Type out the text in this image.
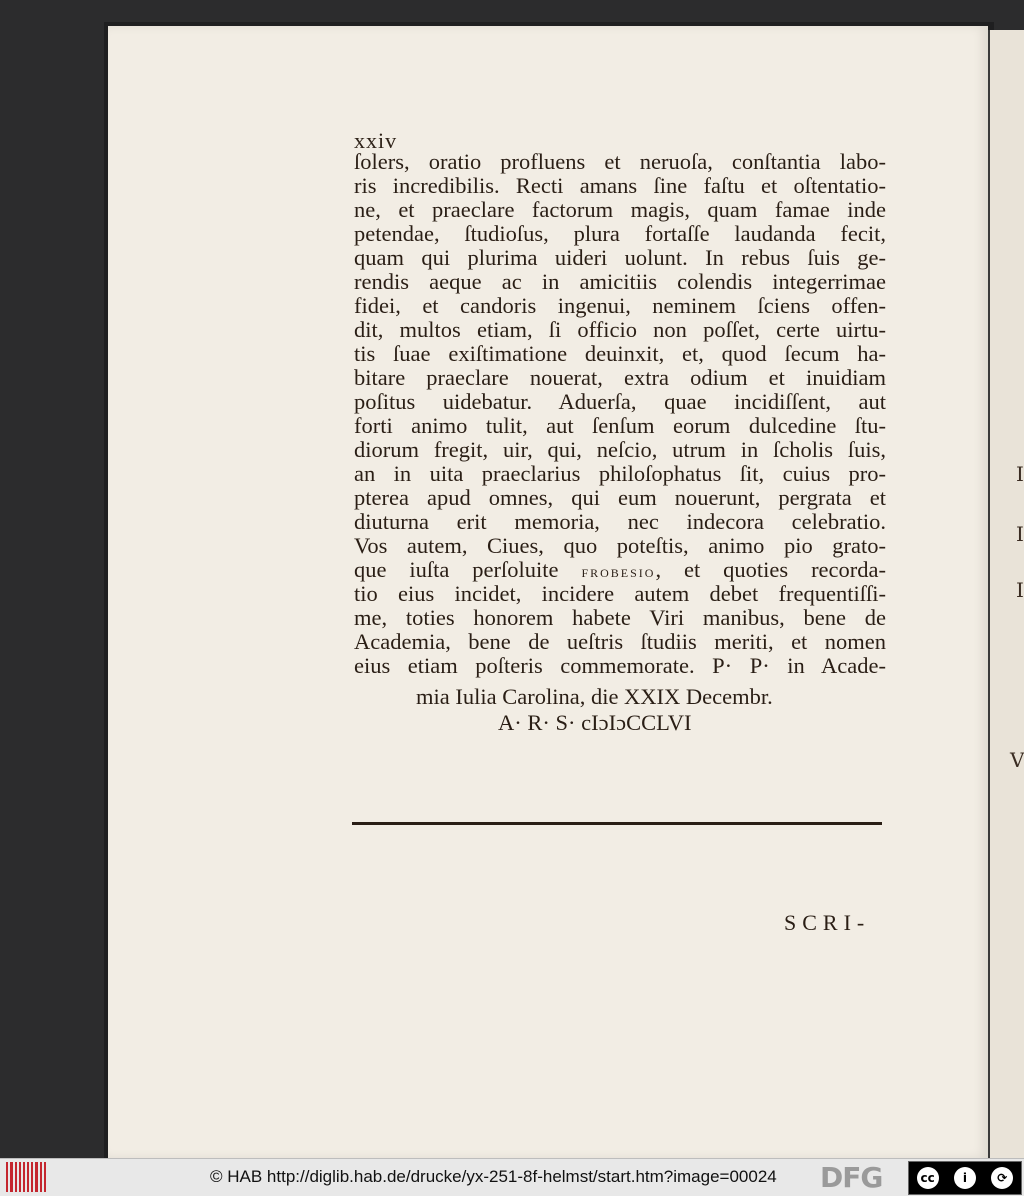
I
I
I
V
xxiv
ſolers, oratio profluens et neruoſa, conſtantia labo-
ris incredibilis. Recti amans ſine faſtu et oſtentatio-
ne, et praeclare factorum magis, quam famae inde
petendae, ſtudioſus, plura fortaſſe laudanda fecit,
quam qui plurima uideri uolunt. In rebus ſuis ge-
rendis aeque ac in amicitiis colendis integerrimae
fidei, et candoris ingenui, neminem ſciens offen-
dit, multos etiam, ſi officio non poſſet, certe uirtu-
tis ſuae exiſtimatione deuinxit, et, quod ſecum ha-
bitare praeclare nouerat, extra odium et inuidiam
poſitus uidebatur. Aduerſa, quae incidiſſent, aut
forti animo tulit, aut ſenſum eorum dulcedine ſtu-
diorum fregit, uir, qui, neſcio, utrum in ſcholis ſuis,
an in uita praeclarius philoſophatus ſit, cuius pro-
pterea apud omnes, qui eum nouerunt, pergrata et
diuturna erit memoria, nec indecora celebratio.
Vos autem, Ciues, quo poteſtis, animo pio grato-
que iuſta perſoluite frobesio, et quoties recorda-
tio eius incidet, incidere autem debet frequentiſſi-
me, toties honorem habete Viri manibus, bene de
Academia, bene de ueſtris ſtudiis meriti, et nomen
eius etiam poſteris commemorate. P· P· in Acade-
mia Iulia Carolina, die XXIX Decembr.
A· R· S· cIɔIɔCCLVI
SCRI-
© HAB http://diglib.hab.de/drucke/yx-251-8f-helmst/start.htm?image=00024 DFG	cc	i	⟳
